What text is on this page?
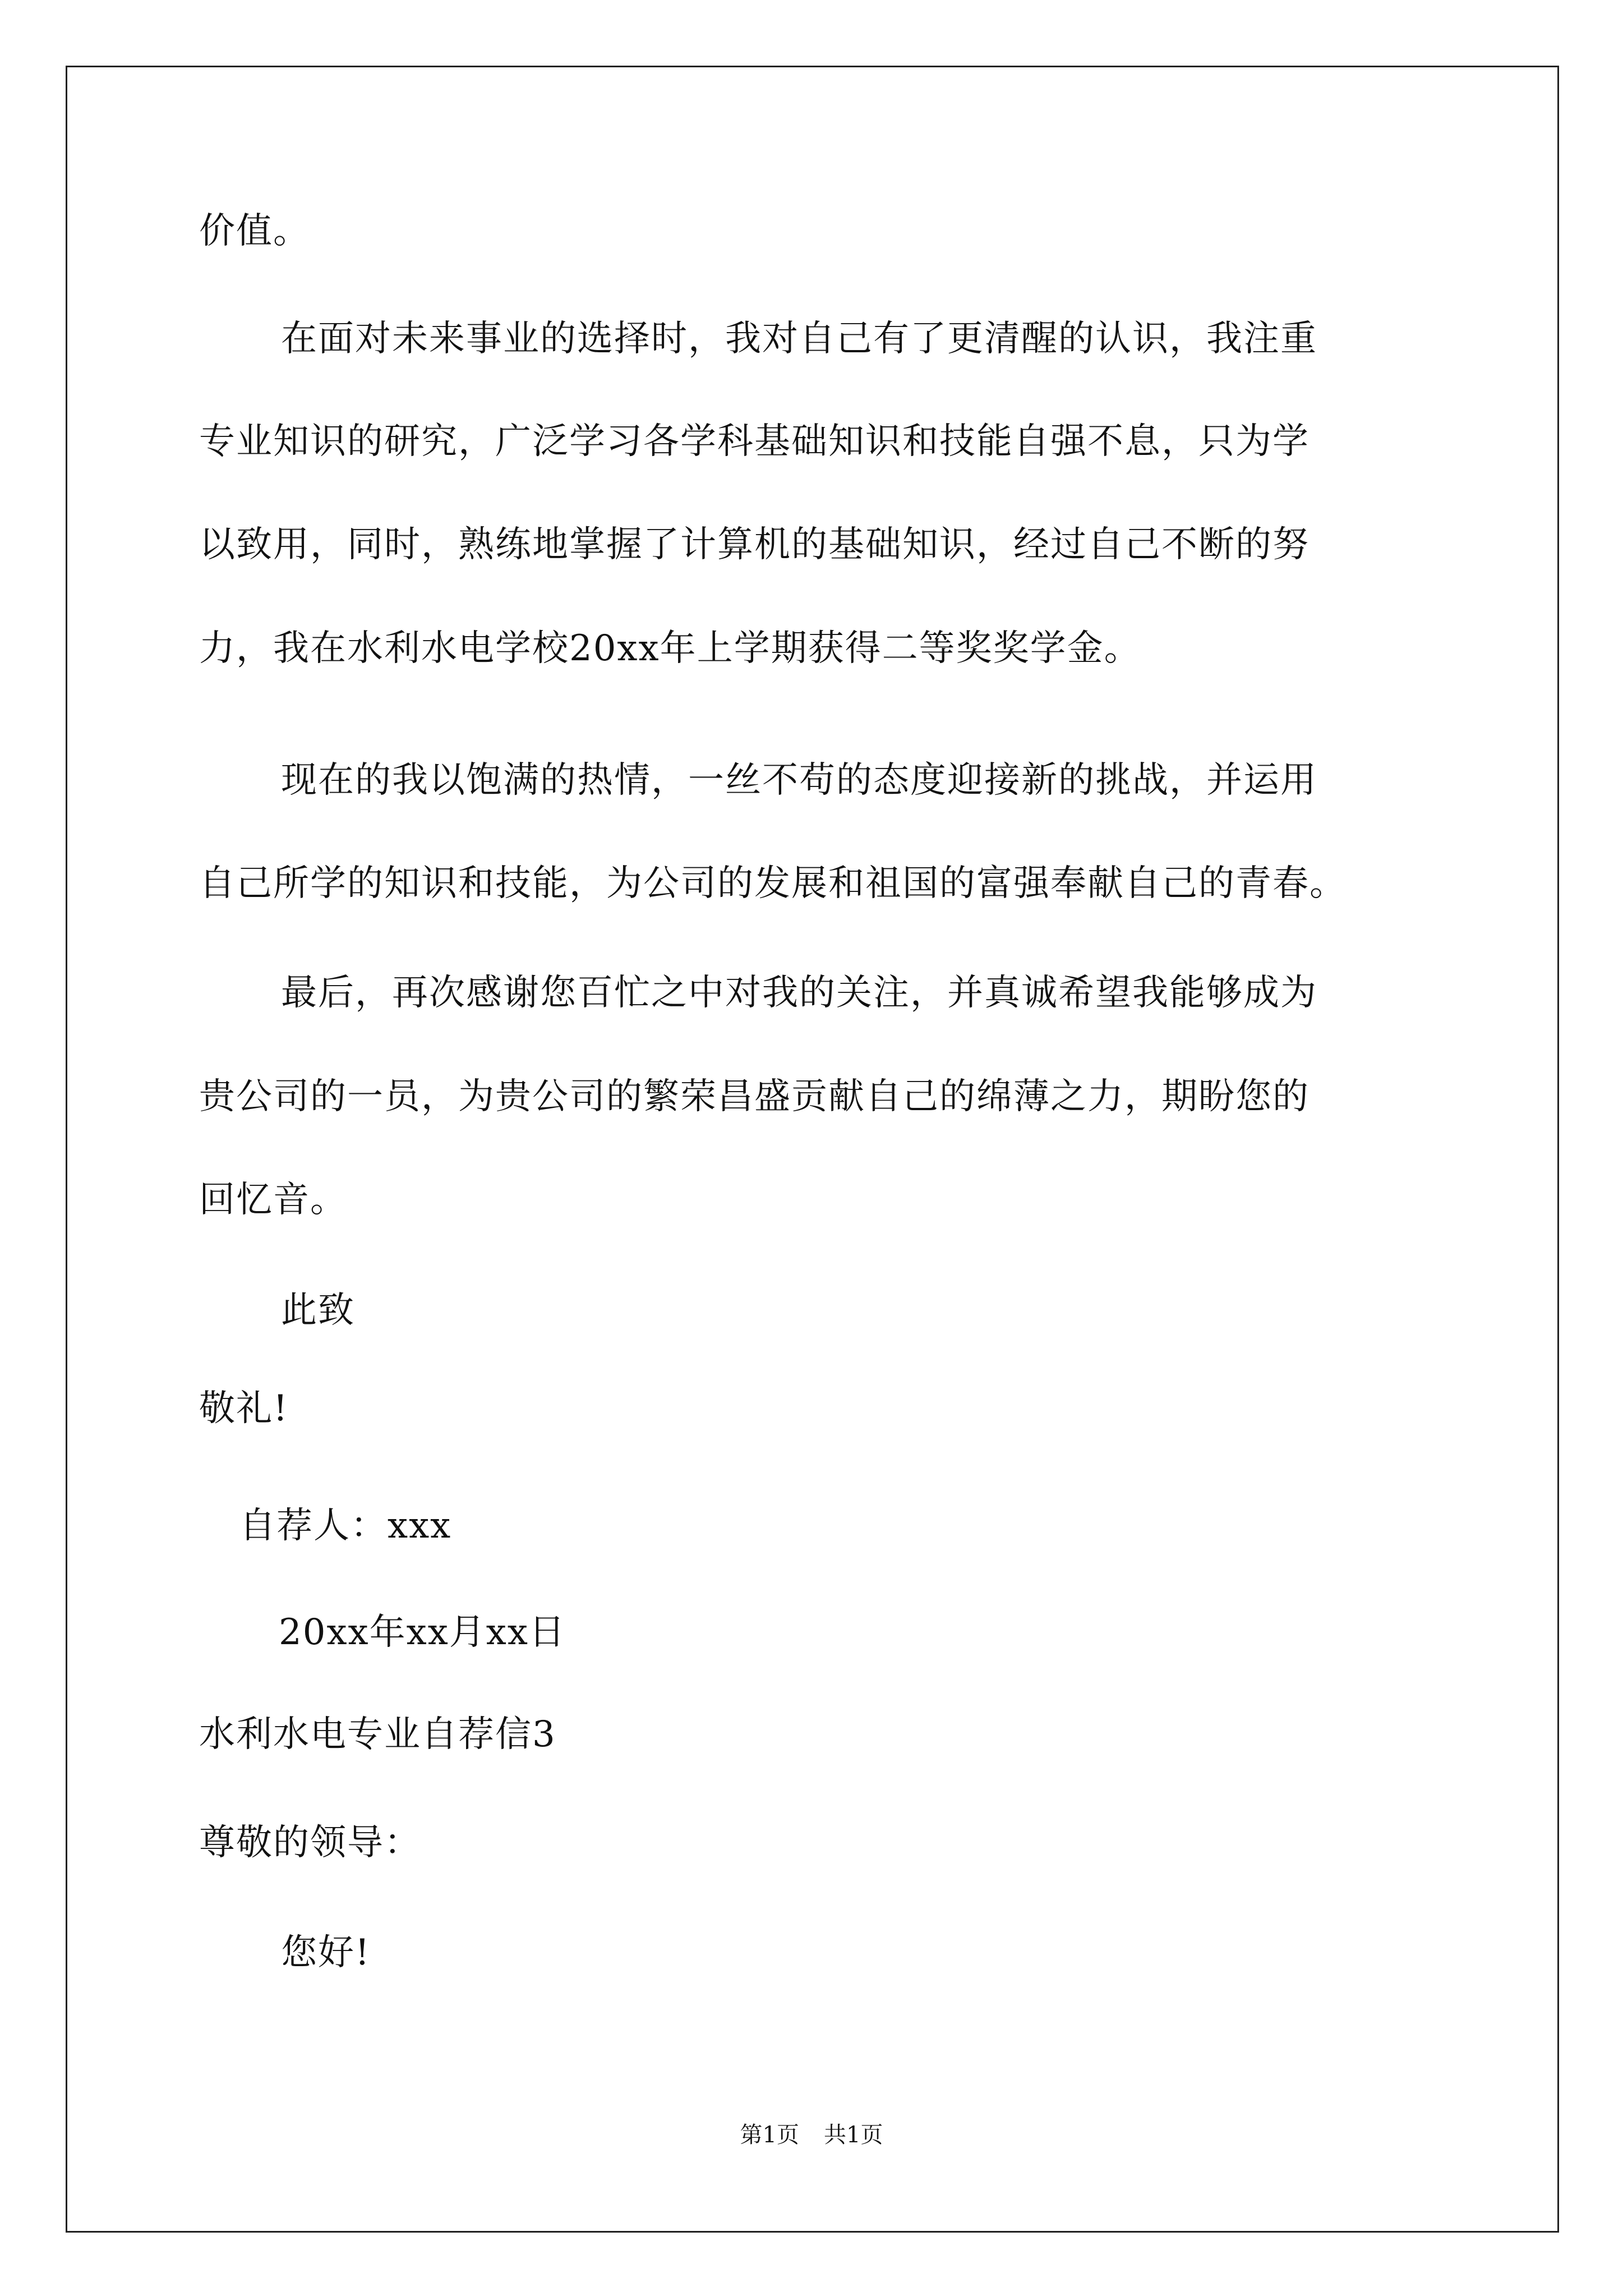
价值。
在面对未来事业的选择时，我对自己有了更清醒的认识，我注重
专业知识的研究，广泛学习各学科基础知识和技能自强不息，只为学
以致用，同时，熟练地掌握了计算机的基础知识，经过自己不断的努
力，我在水利水电学校20xx年上学期获得二等奖奖学金。
现在的我以饱满的热情，一丝不苟的态度迎接新的挑战，并运用
自己所学的知识和技能，为公司的发展和祖国的富强奉献自己的青春。
最后，再次感谢您百忙之中对我的关注，并真诚希望我能够成为
贵公司的一员，为贵公司的繁荣昌盛贡献自己的绵薄之力，期盼您的
回忆音。
此致
敬礼!
自荐人：xxx
20xx年xx月xx日
水利水电专业自荐信3
尊敬的领导：
您好!
第1页 共1页
